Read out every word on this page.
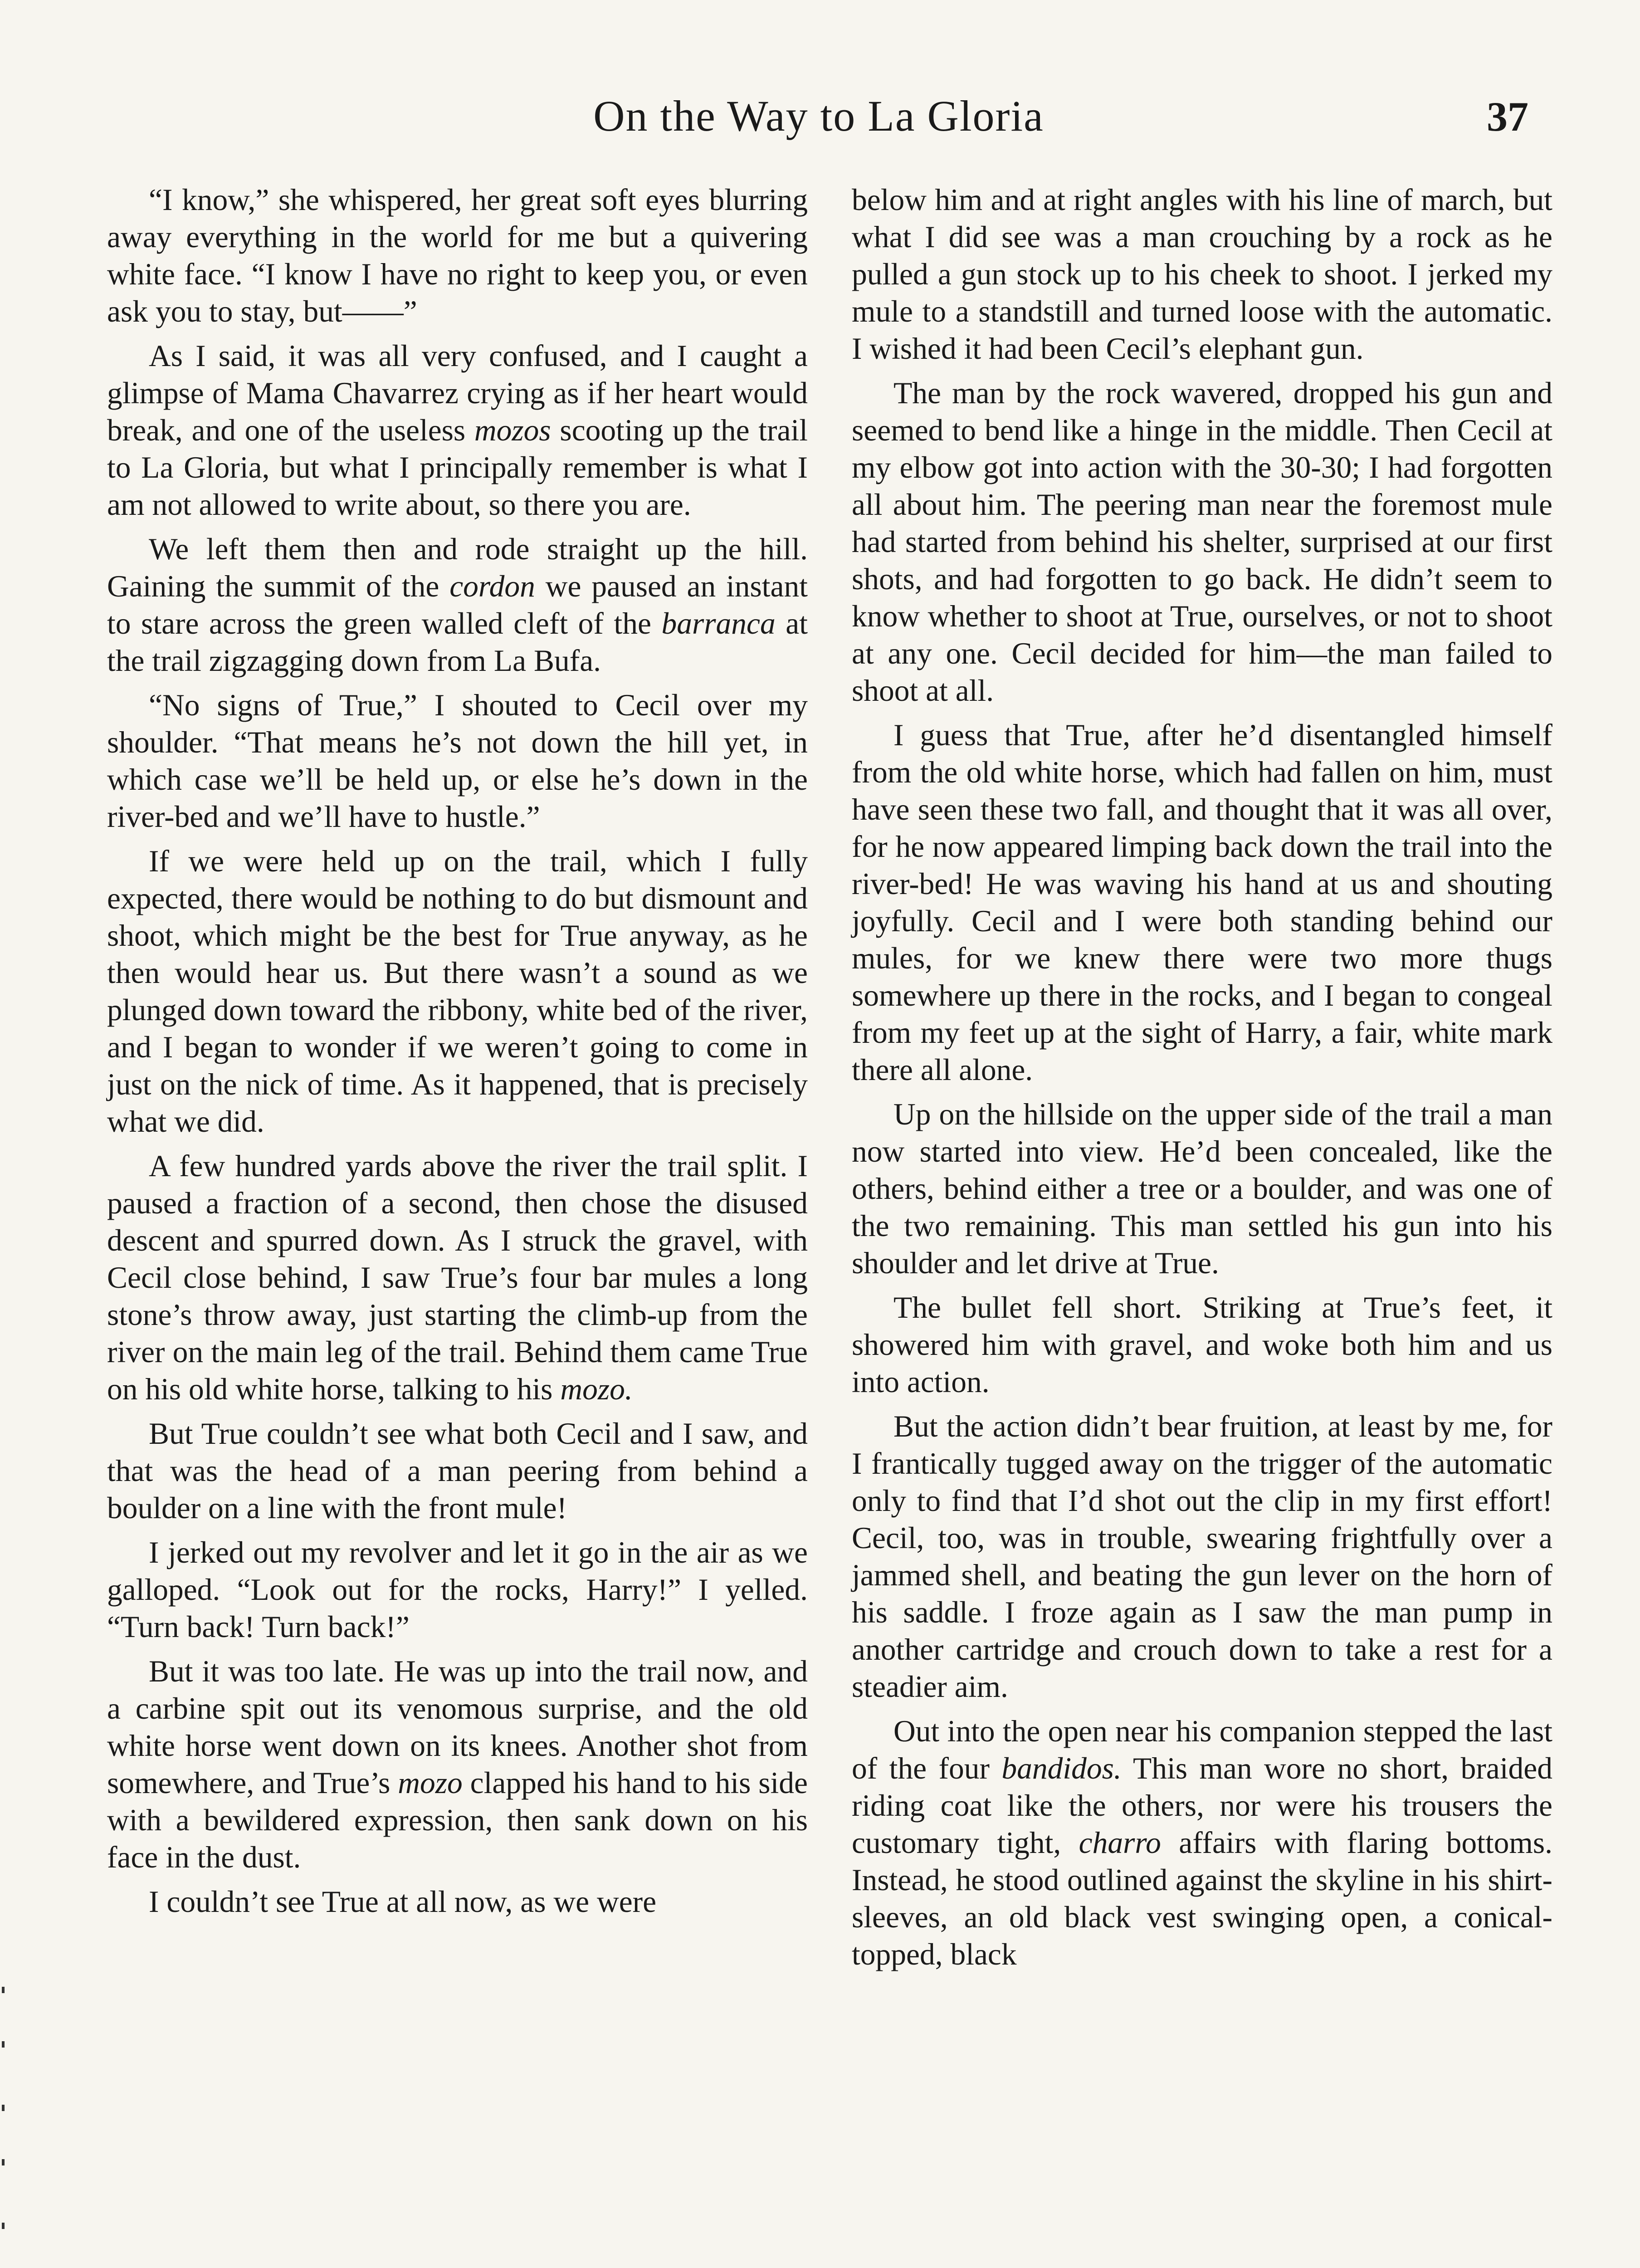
On the Way to La Gloria	37

“I know,” she whispered, her great soft eyes blurring away everything in the world for me but a quivering white face. “I know I have no right to keep you, or even ask you to stay, but——”

As I said, it was all very confused, and I caught a glimpse of Mama Chavarrez crying as if her heart would break, and one of the useless mozos scooting up the trail to La Gloria, but what I principally remember is what I am not allowed to write about, so there you are.

We left them then and rode straight up the hill. Gaining the summit of the cordon we paused an instant to stare across the green walled cleft of the barranca at the trail zigzagging down from La Bufa.

“No signs of True,” I shouted to Cecil over my shoulder. “That means he’s not down the hill yet, in which case we’ll be held up, or else he’s down in the river-bed and we’ll have to hustle.”

If we were held up on the trail, which I fully expected, there would be nothing to do but dismount and shoot, which might be the best for True anyway, as he then would hear us. But there wasn’t a sound as we plunged down toward the ribbony, white bed of the river, and I began to wonder if we weren’t going to come in just on the nick of time. As it happened, that is precisely what we did.

A few hundred yards above the river the trail split. I paused a fraction of a second, then chose the disused descent and spurred down. As I struck the gravel, with Cecil close behind, I saw True’s four bar mules a long stone’s throw away, just starting the climb-up from the river on the main leg of the trail. Behind them came True on his old white horse, talking to his mozo.

But True couldn’t see what both Cecil and I saw, and that was the head of a man peering from behind a boulder on a line with the front mule!

I jerked out my revolver and let it go in the air as we galloped. “Look out for the rocks, Harry!” I yelled. “Turn back! Turn back!”

But it was too late. He was up into the trail now, and a carbine spit out its venomous surprise, and the old white horse went down on its knees. Another shot from somewhere, and True’s mozo clapped his hand to his side with a bewildered expression, then sank down on his face in the dust.

I couldn’t see True at all now, as we were

below him and at right angles with his line of march, but what I did see was a man crouching by a rock as he pulled a gun stock up to his cheek to shoot. I jerked my mule to a standstill and turned loose with the automatic. I wished it had been Cecil’s elephant gun.

The man by the rock wavered, dropped his gun and seemed to bend like a hinge in the middle. Then Cecil at my elbow got into action with the 30-30; I had forgotten all about him. The peering man near the foremost mule had started from behind his shelter, surprised at our first shots, and had forgotten to go back. He didn’t seem to know whether to shoot at True, ourselves, or not to shoot at any one. Cecil decided for him—the man failed to shoot at all.

I guess that True, after he’d disentangled himself from the old white horse, which had fallen on him, must have seen these two fall, and thought that it was all over, for he now appeared limping back down the trail into the river-bed! He was waving his hand at us and shouting joyfully. Cecil and I were both standing behind our mules, for we knew there were two more thugs somewhere up there in the rocks, and I began to congeal from my feet up at the sight of Harry, a fair, white mark there all alone.

Up on the hillside on the upper side of the trail a man now started into view. He’d been concealed, like the others, behind either a tree or a boulder, and was one of the two remaining. This man settled his gun into his shoulder and let drive at True.

The bullet fell short. Striking at True’s feet, it showered him with gravel, and woke both him and us into action.

But the action didn’t bear fruition, at least by me, for I frantically tugged away on the trigger of the automatic only to find that I’d shot out the clip in my first effort! Cecil, too, was in trouble, swearing frightfully over a jammed shell, and beating the gun lever on the horn of his saddle. I froze again as I saw the man pump in another cartridge and crouch down to take a rest for a steadier aim.

Out into the open near his companion stepped the last of the four bandidos. This man wore no short, braided riding coat like the others, nor were his trousers the customary tight, charro affairs with flaring bottoms. Instead, he stood outlined against the skyline in his shirt-sleeves, an old black vest swinging open, a conical-topped, black
